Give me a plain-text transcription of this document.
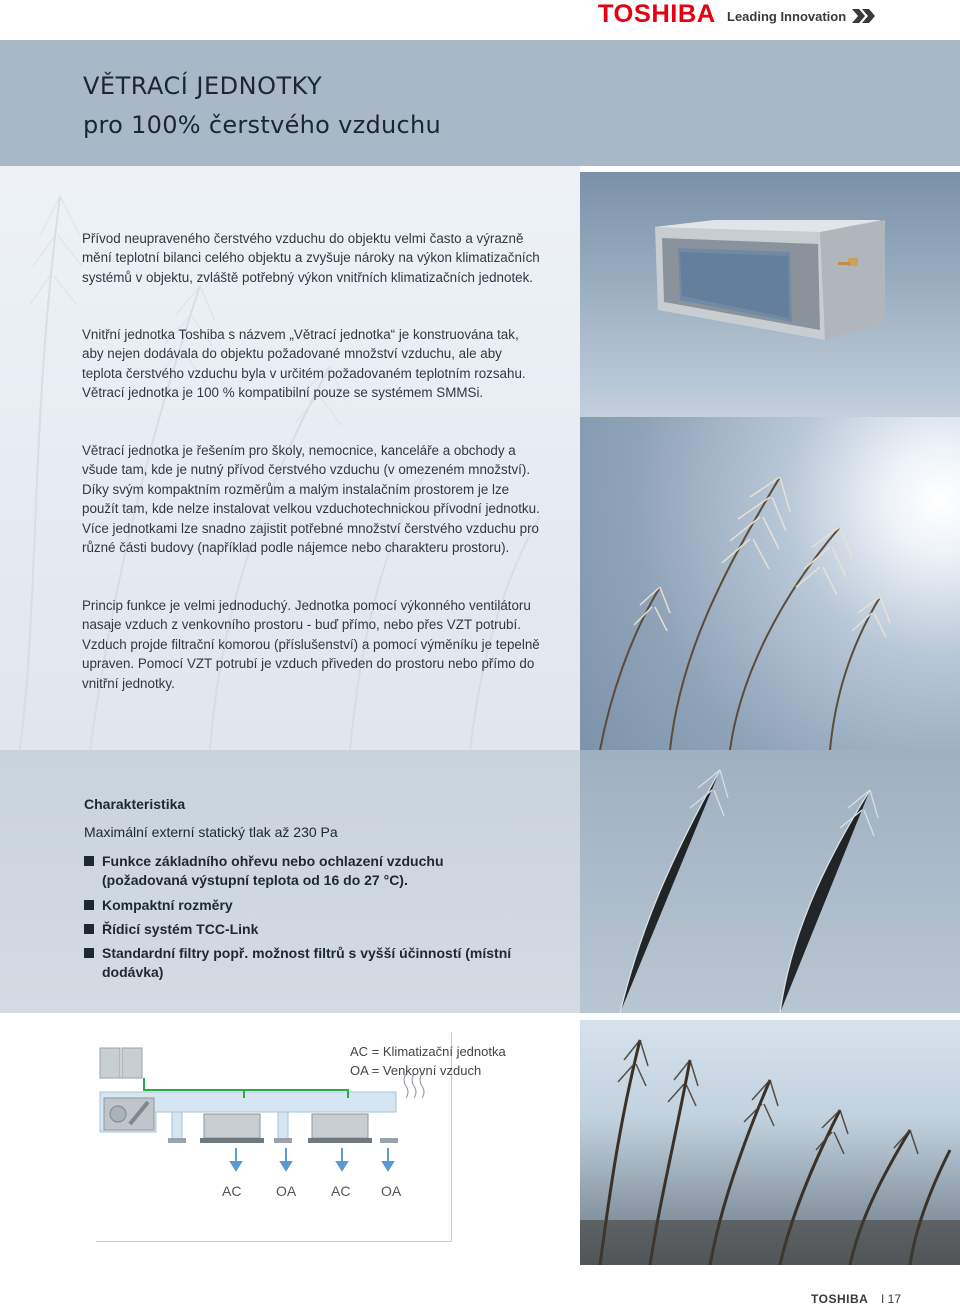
TOSHIBA Leading Innovation
VĚTRACÍ JEDNOTKY
pro 100% čerstvého vzduchu

Přívod neupraveného čerstvého vzduchu do objektu velmi často a výrazně mění teplotní bilanci celého objektu a zvyšuje nároky na výkon klimatizačních systémů v objektu, zvláště potřebný výkon vnitřních klimatizačních jednotek.

Vnitřní jednotka Toshiba s názvem „Větrací jednotka“ je konstruována tak, aby nejen dodávala do objektu požadované množství vzduchu, ale aby teplota čerstvého vzduchu byla v určitém požadovaném teplotním rozsahu.

Větrací jednotka je 100 % kompatibilní pouze se systémem SMMSi.

Větrací jednotka je řešením pro školy, nemocnice, kanceláře a obchody a všude tam, kde je nutný přívod čerstvého vzduchu (v omezeném množství). Díky svým kompaktním rozměrům a malým instalačním prostorem je lze použít tam, kde nelze instalovat velkou vzduchotechnickou přívodní jednotku. Více jednotkami lze snadno zajistit potřebné množství čerstvého vzduchu pro různé části budovy (například podle nájemce nebo charakteru prostoru).

Princip funkce je velmi jednoduchý. Jednotka pomocí výkonného ventilátoru nasaje vzduch z venkovního prostoru - buď přímo, nebo přes VZT potrubí. Vzduch projde filtrační komorou (příslušenství) a pomocí výměníku je tepelně upraven. Pomocí VZT potrubí je vzduch přiveden do prostoru nebo přímo do vnitřní jednotky.

Charakteristika
Maximální externí statický tlak až 230 Pa
Funkce základního ohřevu nebo ochlazení vzduchu (požadovaná výstupní teplota od 16 do 27 °C).
Kompaktní rozměry
Řídicí systém TCC-Link
Standardní filtry popř. možnost filtrů s vyšší účinností (místní dodávka)
AC = Klimatizační jednotka
OA = Venkovní vzduch
AC OA AC OA
TOSHIBA I 17
